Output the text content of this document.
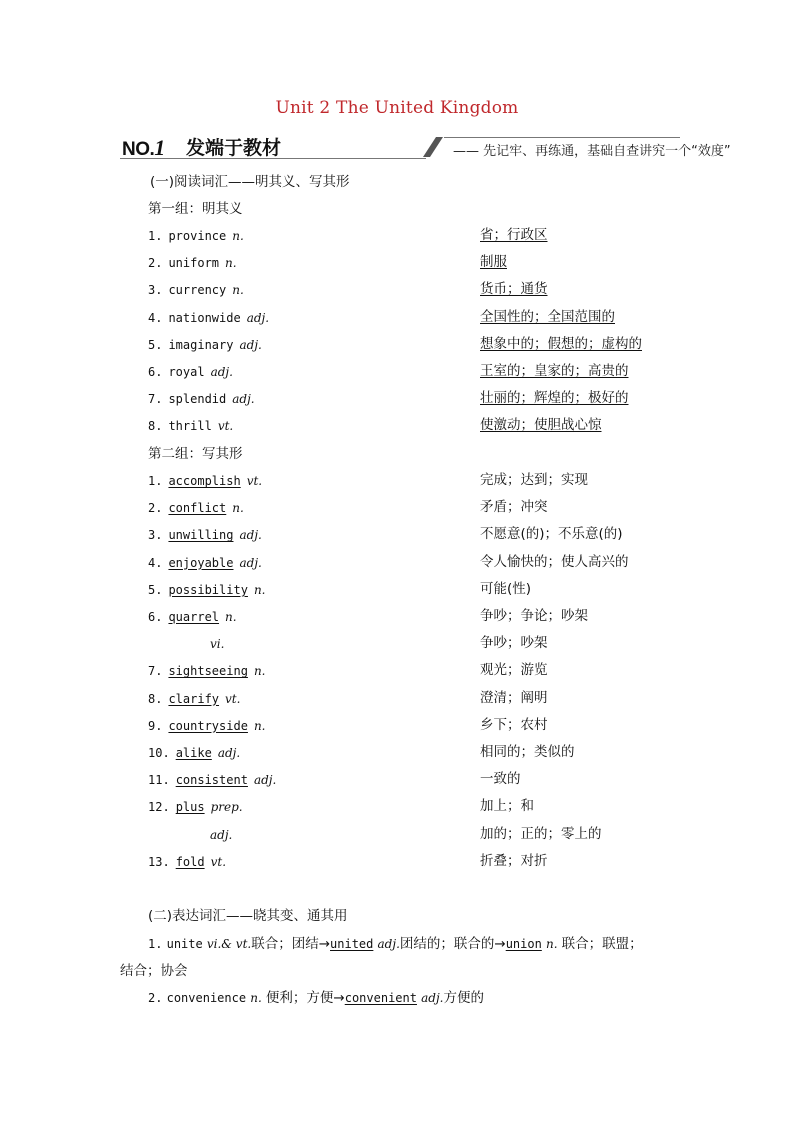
Unit 2 The United Kingdom
NO.1 发端于教材	—— 先记牢、再练通，基础自查讲究一个“效度”
(一)阅读词汇——明其义、写其形
第一组：明其义
1. province n.	省；行政区
2. uniform n.	制服
3. currency n.	货币；通货
4. nationwide adj.	全国性的；全国范围的
5. imaginary adj.	想象中的；假想的；虚构的
6. royal adj.	王室的；皇家的；高贵的
7. splendid adj.	壮丽的；辉煌的；极好的
8. thrill vt.	使激动；使胆战心惊
第二组：写其形
1. accomplish vt.	完成；达到；实现
2. conflict n.	矛盾；冲突
3. unwilling adj.	不愿意(的)；不乐意(的)
4. enjoyable adj.	令人愉快的；使人高兴的
5. possibility n.	可能(性)
6. quarrel n.	争吵；争论；吵架
vi.	争吵；吵架
7. sightseeing n.	观光；游览
8. clarify vt.	澄清；阐明
9. countryside n.	乡下；农村
10. alike adj.	相同的；类似的
11. consistent adj.	一致的
12. plus prep.	加上；和
adj.	加的；正的；零上的
13. fold vt.	折叠；对折
(二)表达词汇——晓其变、通其用
1. unite vi.& vt.联合；团结→united adj.团结的；联合的→union n. 联合；联盟；
结合；协会
2. convenience n. 便利；方便→convenient adj.方便的
